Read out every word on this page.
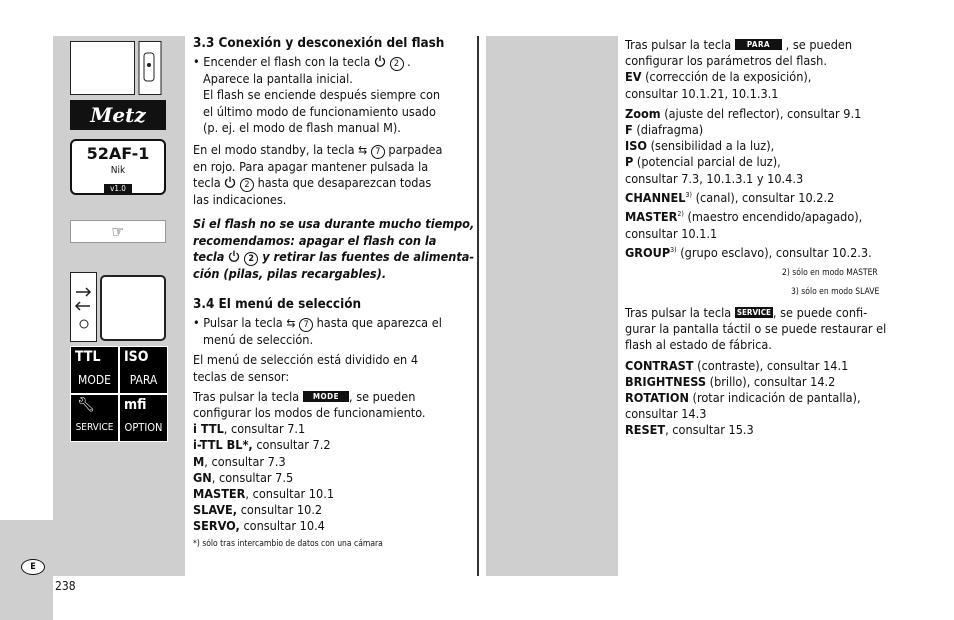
E
238
Metz
52AF-1
Nik
v1.0
☞
TTL
MODE
ISO
PARA
🔧︎
SERVICE
mfi
OPTION
3.3 Conexión y desconexión del flash
• Encender el flash con la tecla	2 .
Aparece la pantalla inicial.
El flash se enciende después siempre con
el último modo de funcionamiento usado
(p. ej. el modo de flash manual M).
En el modo standby, la tecla ⇆ 7 parpadea
en rojo. Para apagar mantener pulsada la
tecla	2 hasta que desaparezcan todas
las indicaciones.
Si el flash no se usa durante mucho tiempo,
recomendamos: apagar el flash con la
tecla	2 y retirar las fuentes de alimenta-
ción (pilas, pilas recargables).
3.4 El menú de selección
• Pulsar la tecla ⇆ 7 hasta que aparezca el
menú de selección.
El menú de selección está dividido en 4
teclas de sensor:
Tras pulsar la tecla MODE , se pueden
configurar los modos de funcionamiento.
i TTL, consultar 7.1
i-TTL BL*, consultar 7.2
M, consultar 7.3
GN, consultar 7.5
MASTER, consultar 10.1
SLAVE, consultar 10.2
SERVO, consultar 10.4
*) sólo tras intercambio de datos con una cámara
Tras pulsar la tecla PARA , se pueden
configurar los parámetros del flash.
EV (corrección de la exposición),
consultar 10.1.21, 10.1.3.1
Zoom (ajuste del reflector), consultar 9.1
F (diafragma)
ISO (sensibilidad a la luz),
P (potencial parcial de luz),
consultar 7.3, 10.1.3.1 y 10.4.3
CHANNEL$^{3)}$ (canal), consultar 10.2.2
MASTER$^{2)}$ (maestro encendido/apagado),
consultar 10.1.1
GROUP$^{3)}$ (grupo esclavo), consultar 10.2.3.
2) sólo en modo MASTER
3) sólo en modo SLAVE
Tras pulsar la tecla SERVICE , se puede confi-
gurar la pantalla táctil o se puede restaurar el
flash al estado de fábrica.
CONTRAST (contraste), consultar 14.1
BRIGHTNESS (brillo), consultar 14.2
ROTATION (rotar indicación de pantalla),
consultar 14.3
RESET, consultar 15.3
